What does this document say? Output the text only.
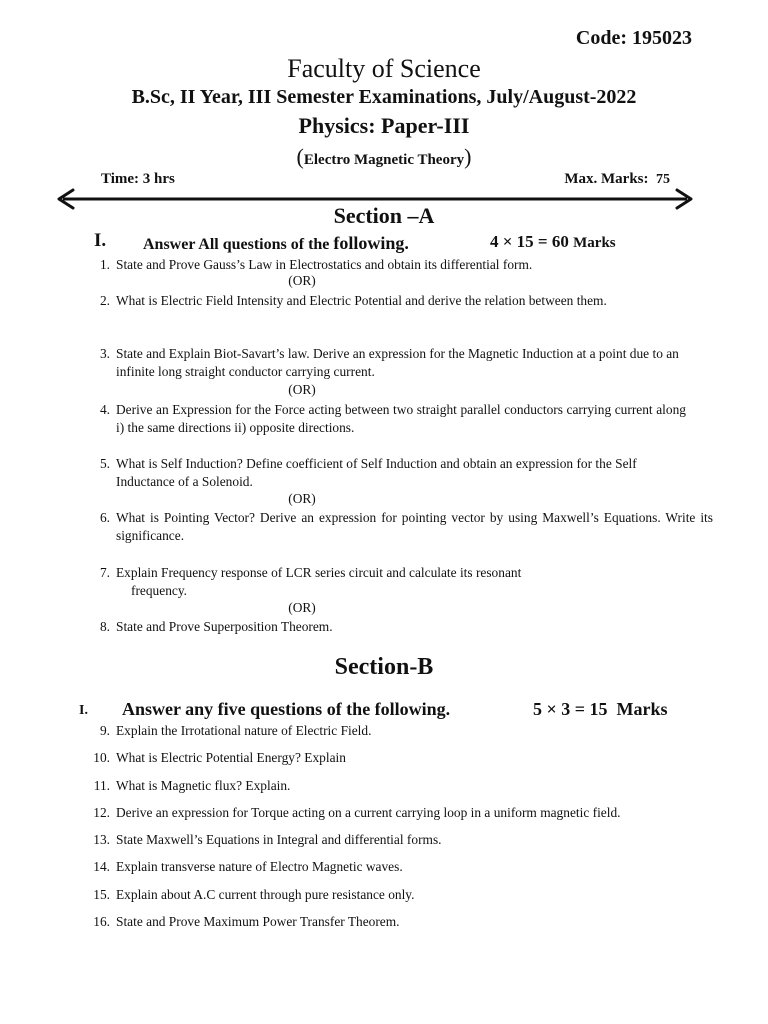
Code: 195023
Faculty of Science
B.Sc, II Year, III Semester Examinations, July/August-2022
Physics: Paper-III
(Electro Magnetic Theory)
Time: 3 hrs	Max. Marks: 75
Section –A
I. Answer All questions of the following.	4 × 15 = 60 Marks
1. State and Prove Gauss’s Law in Electrostatics and obtain its differential form.
(OR)
2. What is Electric Field Intensity and Electric Potential and derive the relation between them.
3. State and Explain Biot-Savart’s law. Derive an expression for the Magnetic Induction at a point due to an infinite long straight conductor carrying current.
(OR)
4. Derive an Expression for the Force acting between two straight parallel conductors carrying current along i) the same directions ii) opposite directions.
5. What is Self Induction? Define coefficient of Self Induction and obtain an expression for the Self Inductance of a Solenoid.
(OR)
6. What is Pointing Vector? Derive an expression for pointing vector by using Maxwell’s Equations. Write its significance.
7. Explain Frequency response of LCR series circuit and calculate its resonant
frequency.
(OR)
8. State and Prove Superposition Theorem.
Section-B
I. Answer any five questions of the following.	5 × 3 = 15 Marks
9. Explain the Irrotational nature of Electric Field.
10. What is Electric Potential Energy? Explain
11. What is Magnetic flux? Explain.
12. Derive an expression for Torque acting on a current carrying loop in a uniform magnetic field.
13. State Maxwell’s Equations in Integral and differential forms.
14. Explain transverse nature of Electro Magnetic waves.
15. Explain about A.C current through pure resistance only.
16. State and Prove Maximum Power Transfer Theorem.
